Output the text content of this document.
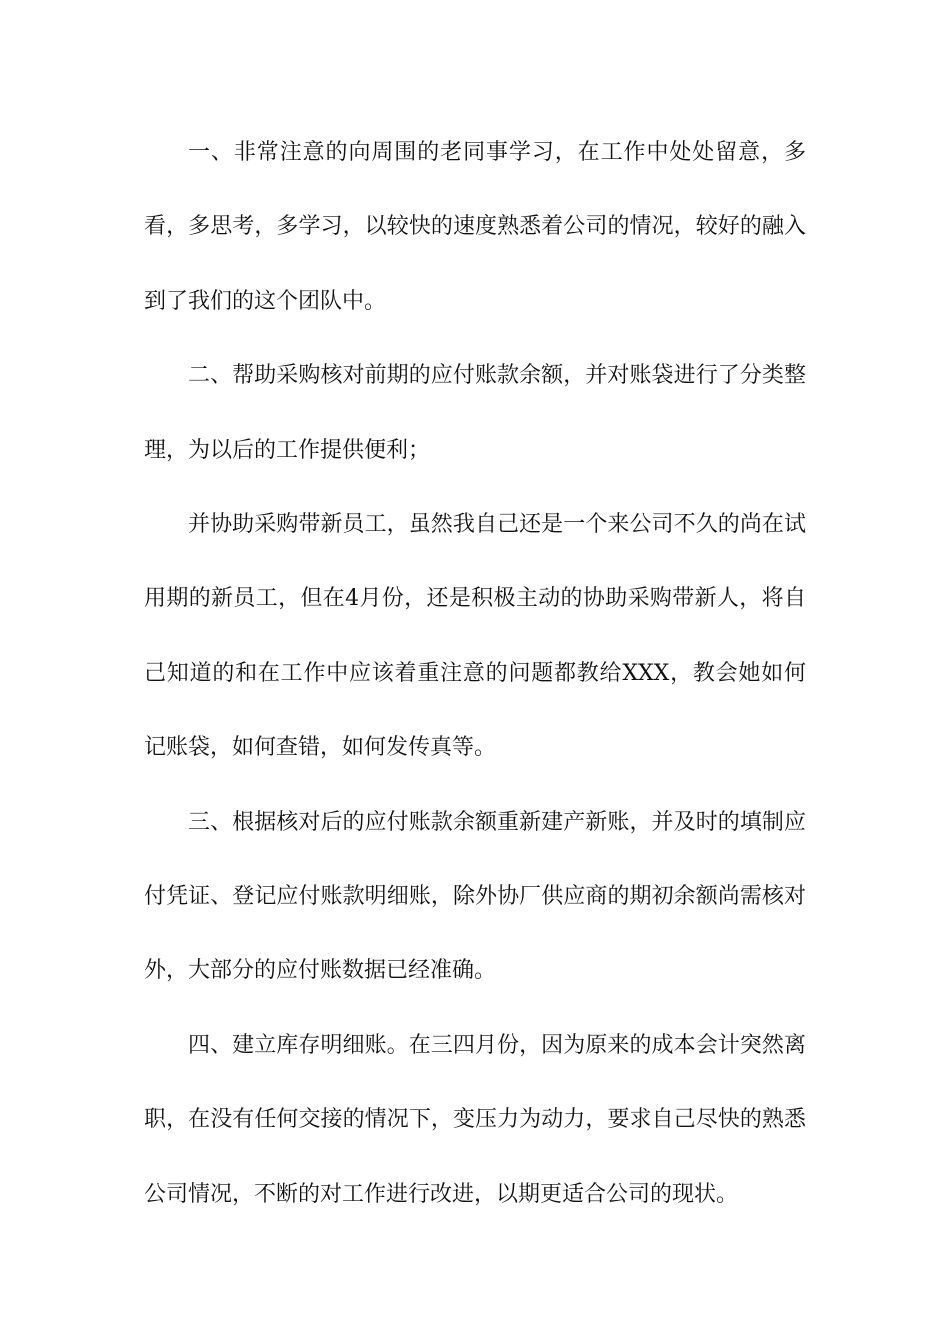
一、非常注意的向周围的老同事学习，在工作中处处留意，多看，多思考，多学习，以较快的速度熟悉着公司的情况，较好的融入到了我们的这个团队中。

二、帮助采购核对前期的应付账款余额，并对账袋进行了分类整理，为以后的工作提供便利；

并协助采购带新员工，虽然我自己还是一个来公司不久的尚在试用期的新员工，但在4月份，还是积极主动的协助采购带新人，将自己知道的和在工作中应该着重注意的问题都教给XXX，教会她如何记账袋，如何查错，如何发传真等。

三、根据核对后的应付账款余额重新建产新账，并及时的填制应付凭证、登记应付账款明细账，除外协厂供应商的期初余额尚需核对外，大部分的应付账数据已经准确。

四、建立库存明细账。在三四月份，因为原来的成本会计突然离职，在没有任何交接的情况下，变压力为动力，要求自己尽快的熟悉公司情况，不断的对工作进行改进，以期更适合公司的现状。
